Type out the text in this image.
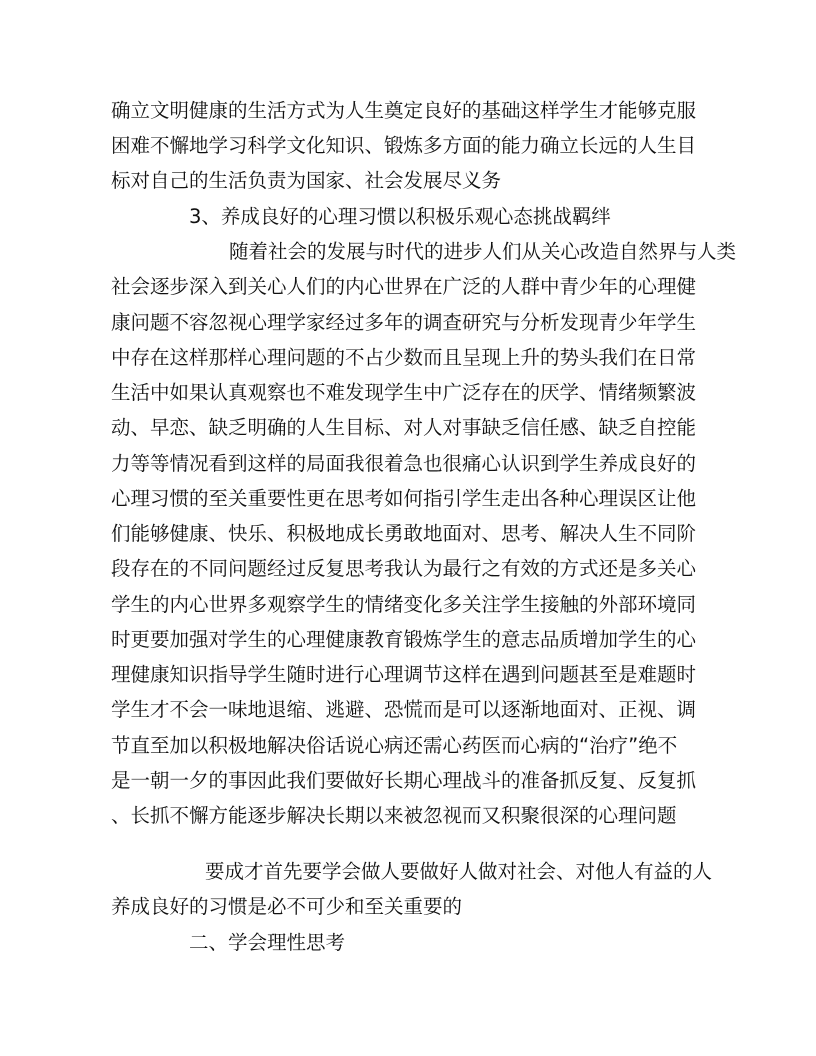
确立文明健康的生活方式为人生奠定良好的基础这样学生才能够克服
困难不懈地学习科学文化知识、锻炼多方面的能力确立长远的人生目
标对自己的生活负责为国家、社会发展尽义务
3、养成良好的心理习惯以积极乐观心态挑战羁绊
随着社会的发展与时代的进步人们从关心改造自然界与人类
社会逐步深入到关心人们的内心世界在广泛的人群中青少年的心理健
康问题不容忽视心理学家经过多年的调查研究与分析发现青少年学生
中存在这样那样心理问题的不占少数而且呈现上升的势头我们在日常
生活中如果认真观察也不难发现学生中广泛存在的厌学、情绪频繁波
动、早恋、缺乏明确的人生目标、对人对事缺乏信任感、缺乏自控能
力等等情况看到这样的局面我很着急也很痛心认识到学生养成良好的
心理习惯的至关重要性更在思考如何指引学生走出各种心理误区让他
们能够健康、快乐、积极地成长勇敢地面对、思考、解决人生不同阶
段存在的不同问题经过反复思考我认为最行之有效的方式还是多关心
学生的内心世界多观察学生的情绪变化多关注学生接触的外部环境同
时更要加强对学生的心理健康教育锻炼学生的意志品质增加学生的心
理健康知识指导学生随时进行心理调节这样在遇到问题甚至是难题时
学生才不会一味地退缩、逃避、恐慌而是可以逐渐地面对、正视、调
节直至加以积极地解决俗话说心病还需心药医而心病的“治疗”绝不
是一朝一夕的事因此我们要做好长期心理战斗的准备抓反复、反复抓
、长抓不懈方能逐步解决长期以来被忽视而又积聚很深的心理问题
要成才首先要学会做人要做好人做对社会、对他人有益的人
养成良好的习惯是必不可少和至关重要的
二、学会理性思考
